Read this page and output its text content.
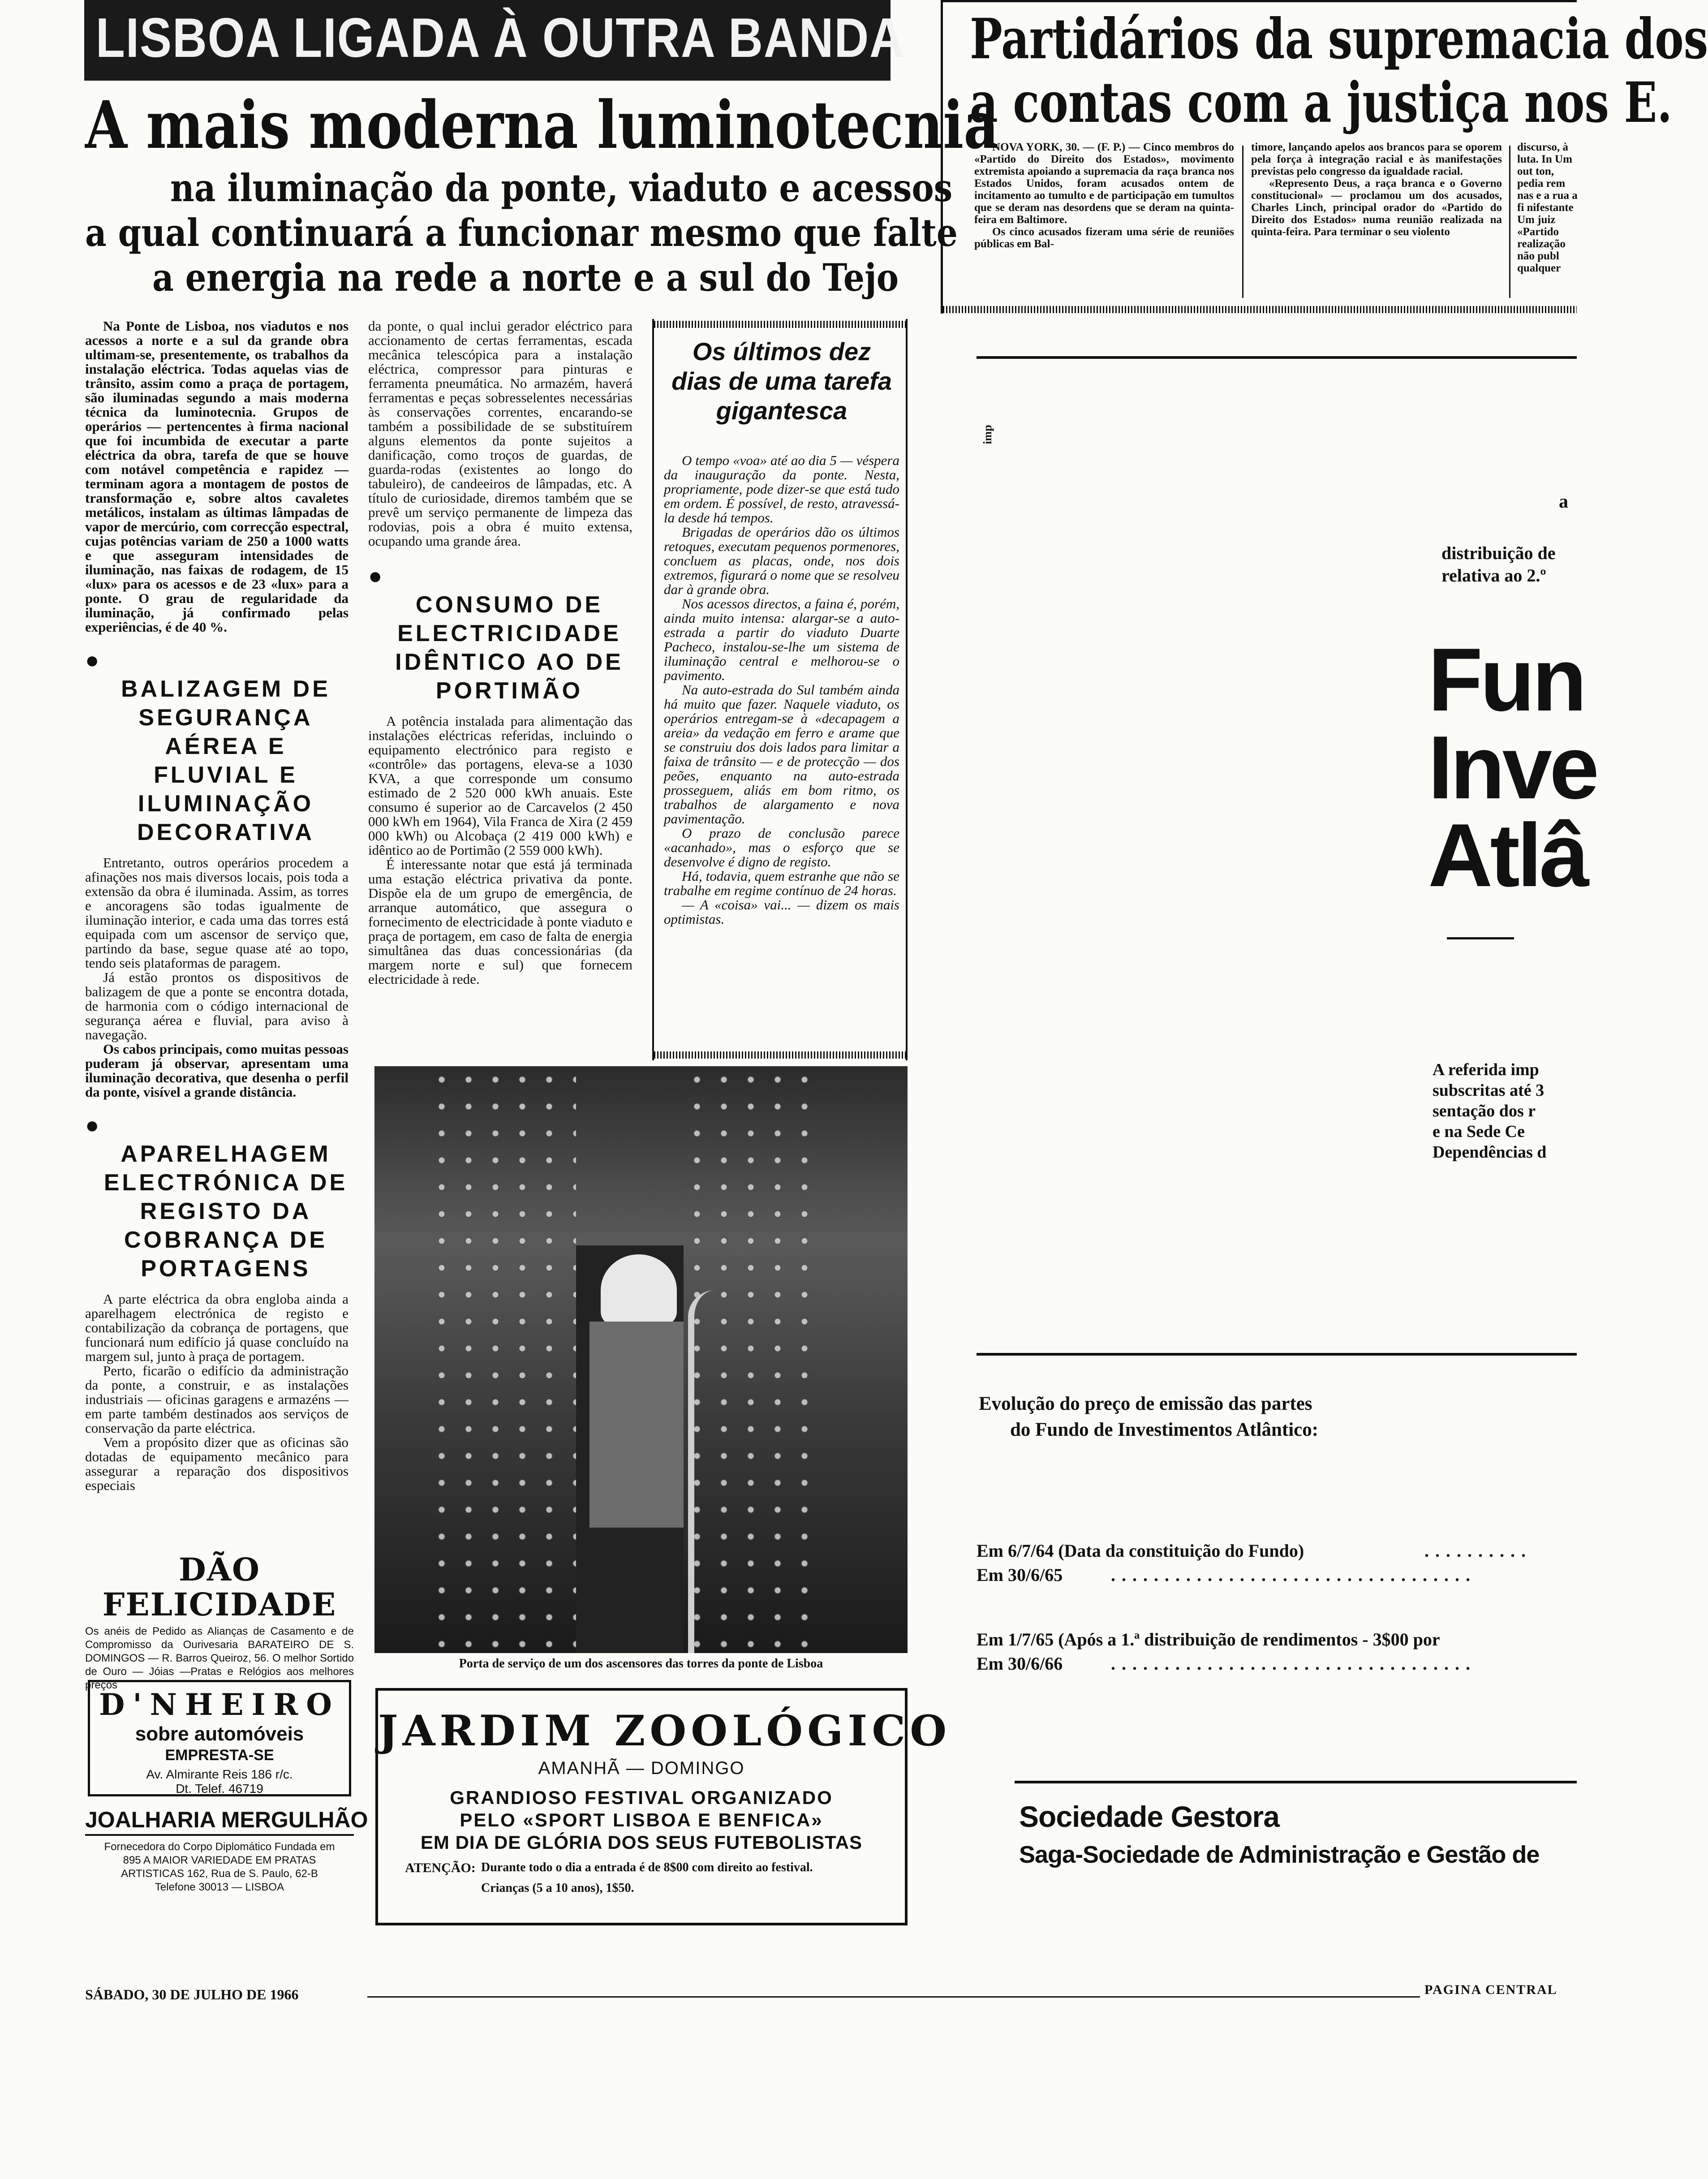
LISBOA LIGADA À OUTRA BANDA
A mais moderna luminotecnia
na iluminação da ponte, viaduto e acessos
a qual continuará a funcionar mesmo que falte
a energia na rede a norte e a sul do Tejo

Na Ponte de Lisboa, nos viadutos e nos acessos a norte e a sul da grande obra ultimam-se, presentemente, os trabalhos da instalação eléctrica. Todas aquelas vias de trânsito, assim como a praça de portagem, são iluminadas segundo a mais moderna técnica da luminotecnia. Grupos de operários — pertencentes à firma nacional que foi incumbida de executar a parte eléctrica da obra, tarefa de que se houve com notável competência e rapidez — terminam agora a montagem de postos de transformação e, sobre altos cavaletes metálicos, instalam as últimas lâmpadas de vapor de mercúrio, com correcção espectral, cujas potências variam de 250 a 1000 watts e que asseguram intensidades de iluminação, nas faixas de rodagem, de 15 «lux» para os acessos e de 23 «lux» para a ponte. O grau de regularidade da iluminação, já confirmado pelas experiências, é de 40 %.

●
BALIZAGEM DE SEGURANÇA AÉREA E FLUVIAL E ILUMINAÇÃO DECORATIVA

Entretanto, outros operários procedem a afinações nos mais diversos locais, pois toda a extensão da obra é iluminada. Assim, as torres e ancoragens são todas igualmente de iluminação interior, e cada uma das torres está equipada com um ascensor de serviço que, partindo da base, segue quase até ao topo, tendo seis plataformas de paragem.

Já estão prontos os dispositivos de balizagem de que a ponte se encontra dotada, de harmonia com o código internacional de segurança aérea e fluvial, para aviso à navegação.

Os cabos principais, como muitas pessoas puderam já observar, apresentam uma iluminação decorativa, que desenha o perfil da ponte, visível a grande distância.

●
APARELHAGEM ELECTRÓNICA DE REGISTO DA COBRANÇA DE PORTAGENS

A parte eléctrica da obra engloba ainda a aparelhagem electrónica de registo e contabilização da cobrança de portagens, que funcionará num edifício já quase concluído na margem sul, junto à praça de portagem.

Perto, ficarão o edifício da administração da ponte, a construir, e as instalações industriais — oficinas garagens e armazéns — em parte também destinados aos serviços de conservação da parte eléctrica.

Vem a propósito dizer que as oficinas são dotadas de equipamento mecânico para assegurar a reparação dos dispositivos especiais

da ponte, o qual inclui gerador eléctrico para accionamento de certas ferramentas, escada mecânica telescópica para a instalação eléctrica, compressor para pinturas e ferramenta pneumática. No armazém, haverá ferramentas e peças sobresselentes necessárias às conservações correntes, encarando-se também a possibilidade de se substituírem alguns elementos da ponte sujeitos a danificação, como troços de guardas, de guarda-rodas (existentes ao longo do tabuleiro), de candeeiros de lâmpadas, etc. A título de curiosidade, diremos também que se prevê um serviço permanente de limpeza das rodovias, pois a obra é muito extensa, ocupando uma grande área.

●
CONSUMO DE ELECTRICIDADE IDÊNTICO AO DE PORTIMÃO

A potência instalada para alimentação das instalações eléctricas referidas, incluindo o equipamento electrónico para registo e «contrôle» das portagens, eleva-se a 1030 KVA, a que corresponde um consumo estimado de 2 520 000 kWh anuais. Este consumo é superior ao de Carcavelos (2 450 000 kWh em 1964), Vila Franca de Xira (2 459 000 kWh) ou Alcobaça (2 419 000 kWh) e idêntico ao de Portimão (2 559 000 kWh).

É interessante notar que está já terminada uma estação eléctrica privativa da ponte. Dispõe ela de um grupo de emergência, de arranque automático, que assegura o fornecimento de electricidade à ponte viaduto e praça de portagem, em caso de falta de energia simultânea das duas concessionárias (da margem norte e sul) que fornecem electricidade à rede.

Os últimos dez dias de uma tarefa gigantesca

O tempo «voa» até ao dia 5 — véspera da inauguração da ponte. Nesta, propriamente, pode dizer-se que está tudo em ordem. É possível, de resto, atravessá-la desde há tempos.

Brigadas de operários dão os últimos retoques, executam pequenos pormenores, concluem as placas, onde, nos dois extremos, figurará o nome que se resolveu dar à grande obra.

Nos acessos directos, a faina é, porém, ainda muito intensa: alargar-se a auto-estrada a partir do viaduto Duarte Pacheco, instalou-se-lhe um sistema de iluminação central e melhorou-se o pavimento.

Na auto-estrada do Sul também ainda há muito que fazer. Naquele viaduto, os operários entregam-se à «decapagem a areia» da vedação em ferro e arame que se construiu dos dois lados para limitar a faixa de trânsito — e de protecção — dos peões, enquanto na auto-estrada prosseguem, aliás em bom ritmo, os trabalhos de alargamento e nova pavimentação.

O prazo de conclusão parece «acanhado», mas o esforço que se desenvolve é digno de registo.

Há, todavia, quem estranhe que não se trabalhe em regime contínuo de 24 horas.

— A «coisa» vai... — dizem os mais optimistas.

Porta de serviço de um dos ascensores das torres da ponte de Lisboa
DÃO FELICIDADE
Os anéis de Pedido as Alianças de Casamento e de Compromisso da Ourivesaria BARATEIRO DE S. DOMINGOS — R. Barros Queiroz, 56. O melhor Sortido de Ouro — Jóias —Pratas e Relógios aos melhores preços
D'NHEIRO
sobre automóveis
EMPRESTA-SE
Av. Almirante Reis 186 r/c.
Dt. Telef. 46719
JOALHARIA MERGULHÃO
Fornecedora do Corpo Diplomático Fundada em 895 A MAIOR VARIEDADE EM PRATAS ARTISTICAS 162, Rua de S. Paulo, 62-B Telefone 30013 — LISBOA
JARDIM ZOOLÓGICO
AMANHÃ — DOMINGO
GRANDIOSO FESTIVAL ORGANIZADO
PELO «SPORT LISBOA E BENFICA»
EM DIA DE GLÓRIA DOS SEUS FUTEBOLISTAS
ATENÇÃO: Durante todo o dia a entrada é de 8$00 com direito ao festival.
Crianças (5 a 10 anos), 1$50.
SÁBADO, 30 DE JULHO DE 1966	PAGINA CENTRAL
Partidários da supremacia dos
a contas com a justiça nos E.

NOVA YORK, 30. — (F. P.) — Cinco membros do «Partido do Direito dos Estados», movimento extremista apoiando a supremacia da raça branca nos Estados Unidos, foram acusados ontem de incitamento ao tumulto e de participação em tumultos que se deram nas desordens que se deram na quinta-feira em Baltimore.

Os cinco acusados fizeram uma série de reuniões públicas em Bal-

timore, lançando apelos aos brancos para se oporem pela força à integração racial e às manifestações previstas pelo congresso da igualdade racial.

«Represento Deus, a raça branca e o Governo constitucional» — proclamou um dos acusados, Charles Linch, principal orador do «Partido do Direito dos Estados» numa reunião realizada na quinta-feira. Para terminar o seu violento

discurso, à luta. In Um out ton, pedia rem nas e a rua a fi nifestante Um juiz «Partido realização não publ qualquer
imp
a
distribuição de
relativa ao 2.º
Fun
Inve
Atlâ
A referida imp
subscritas até 3
sentação dos r
e na Sede Ce
Dependências d
Evolução do preço de emissão das partes
do Fundo de Investimentos Atlântico:
Em 6/7/64 (Data da constituição do Fundo)	..........
Em 30/6/65	..................................
Em 1/7/65 (Após a 1.ª distribuição de rendimentos - 3$00 por
Em 30/6/66	..................................
Sociedade Gestora
Saga-Sociedade de Administração e Gestão de
